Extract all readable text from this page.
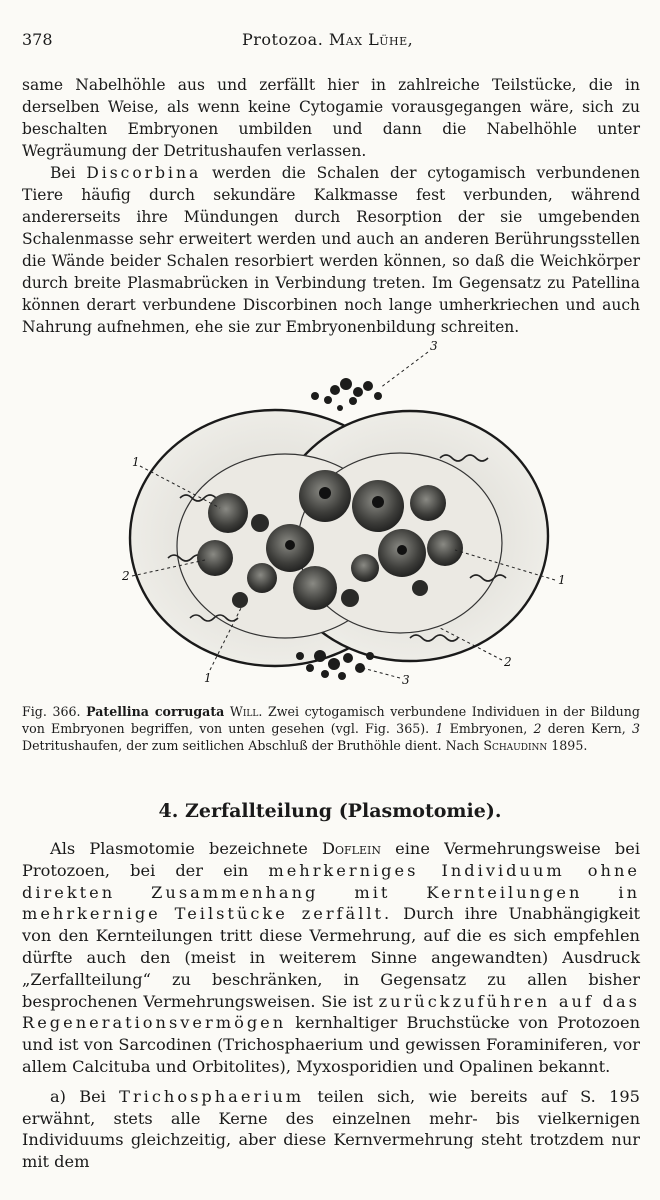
378	Protozoa. Max Lühe,

same Nabelhöhle aus und zerfällt hier in zahlreiche Teilstücke, die in derselben Weise, als wenn keine Cytogamie vorausgegangen wäre, sich zu beschalten Embryonen umbilden und dann die Nabelhöhle unter Wegräumung der Detritushaufen verlassen.

Bei Discorbina werden die Schalen der cytogamisch verbundenen Tiere häufig durch sekundäre Kalkmasse fest verbunden, während andererseits ihre Mündungen durch Resorption der sie umgebenden Schalenmasse sehr erweitert werden und auch an anderen Berührungsstellen die Wände beider Schalen resorbiert werden können, so daß die Weichkörper durch breite Plasmabrücken in Verbindung treten. Im Gegensatz zu Patellina können derart verbundene Discorbinen noch lange umherkriechen und auch Nahrung aufnehmen, ehe sie zur Embryonenbildung schreiten.

3
1
2	1
2
1	3
Fig. 366. Patellina corrugata Will. Zwei cytogamisch verbundene Individuen in der Bildung von Embryonen begriffen, von unten gesehen (vgl. Fig. 365). 1 Embryonen, 2 deren Kern, 3 Detritushaufen, der zum seitlichen Abschluß der Bruthöhle dient. Nach Schaudinn 1895.
4. Zerfallteilung (Plasmotomie).

Als Plasmotomie bezeichnete Doflein eine Vermehrungsweise bei Protozoen, bei der ein mehrkerniges Individuum ohne direkten Zusammenhang mit Kernteilungen in mehrkernige Teilstücke zerfällt. Durch ihre Unabhängigkeit von den Kernteilungen tritt diese Vermehrung, auf die es sich empfehlen dürfte auch den (meist in weiterem Sinne angewandten) Ausdruck „Zerfallteilung“ zu beschränken, in Gegensatz zu allen bisher besprochenen Vermehrungsweisen. Sie ist zurückzuführen auf das Regenerationsvermögen kernhaltiger Bruchstücke von Protozoen und ist von Sarcodinen (Trichosphaerium und gewissen Foraminiferen, vor allem Calcituba und Orbitolites), Myxosporidien und Opalinen bekannt.

a) Bei Trichosphaerium teilen sich, wie bereits auf S. 195 erwähnt, stets alle Kerne des einzelnen mehr- bis vielkernigen Individuums gleichzeitig, aber diese Kernvermehrung steht trotzdem nur mit dem
